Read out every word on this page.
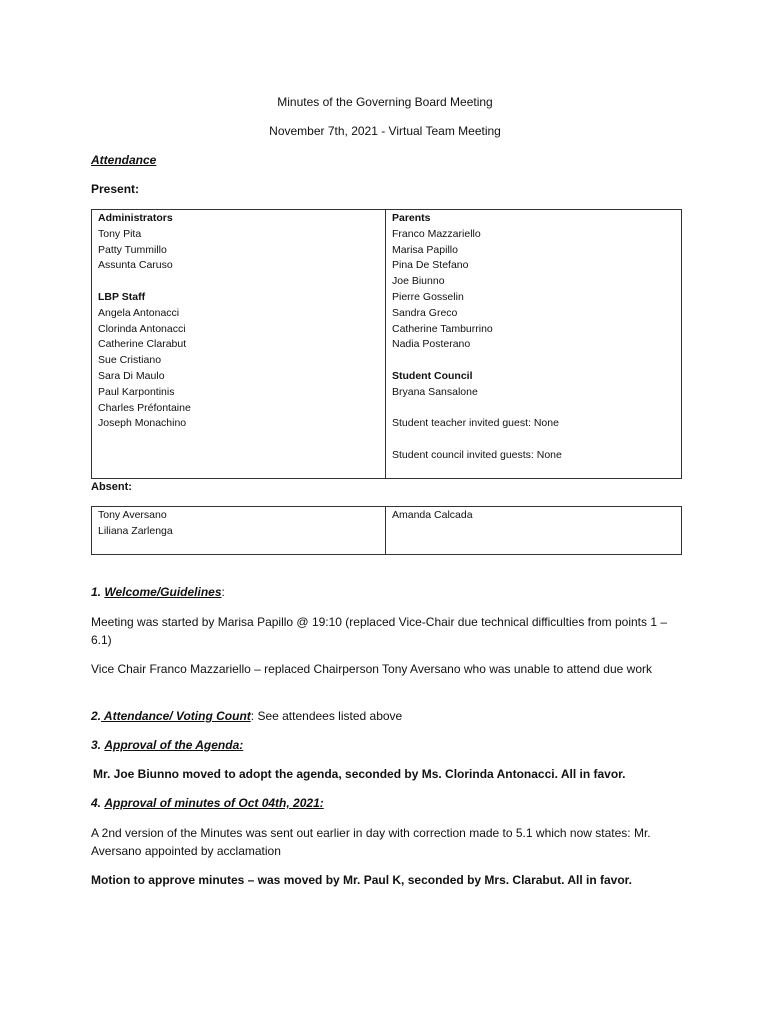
Minutes of the Governing Board Meeting
November 7th, 2021 - Virtual Team Meeting
Attendance
Present:
Administrators
Tony Pita
Patty Tummillo
Assunta Caruso
LBP Staff
Angela Antonacci
Clorinda Antonacci
Catherine Clarabut
Sue Cristiano
Sara Di Maulo
Paul Karpontinis
Charles Préfontaine
Joseph Monachino

Parents
Franco Mazzariello
Marisa Papillo
Pina De Stefano
Joe Biunno
Pierre Gosselin
Sandra Greco
Catherine Tamburrino
Nadia Posterano
Student Council
Bryana Sansalone
Student teacher invited guest: None
Student council invited guests: None
Absent:
Tony Aversano
Liliana Zarlenga

Amanda Calcada
1. Welcome/Guidelines:
Meeting was started by Marisa Papillo @ 19:10 (replaced Vice-Chair due technical difficulties from points 1 – 6.1)
Vice Chair Franco Mazzariello – replaced Chairperson Tony Aversano who was unable to attend due work
2. Attendance/ Voting Count: See attendees listed above
3. Approval of the Agenda:
Mr. Joe Biunno moved to adopt the agenda, seconded by Ms. Clorinda Antonacci. All in favor.
4. Approval of minutes of Oct 04th, 2021:
A 2nd version of the Minutes was sent out earlier in day with correction made to 5.1 which now states: Mr. Aversano appointed by acclamation
Motion to approve minutes – was moved by Mr. Paul K, seconded by Mrs. Clarabut. All in favor.
